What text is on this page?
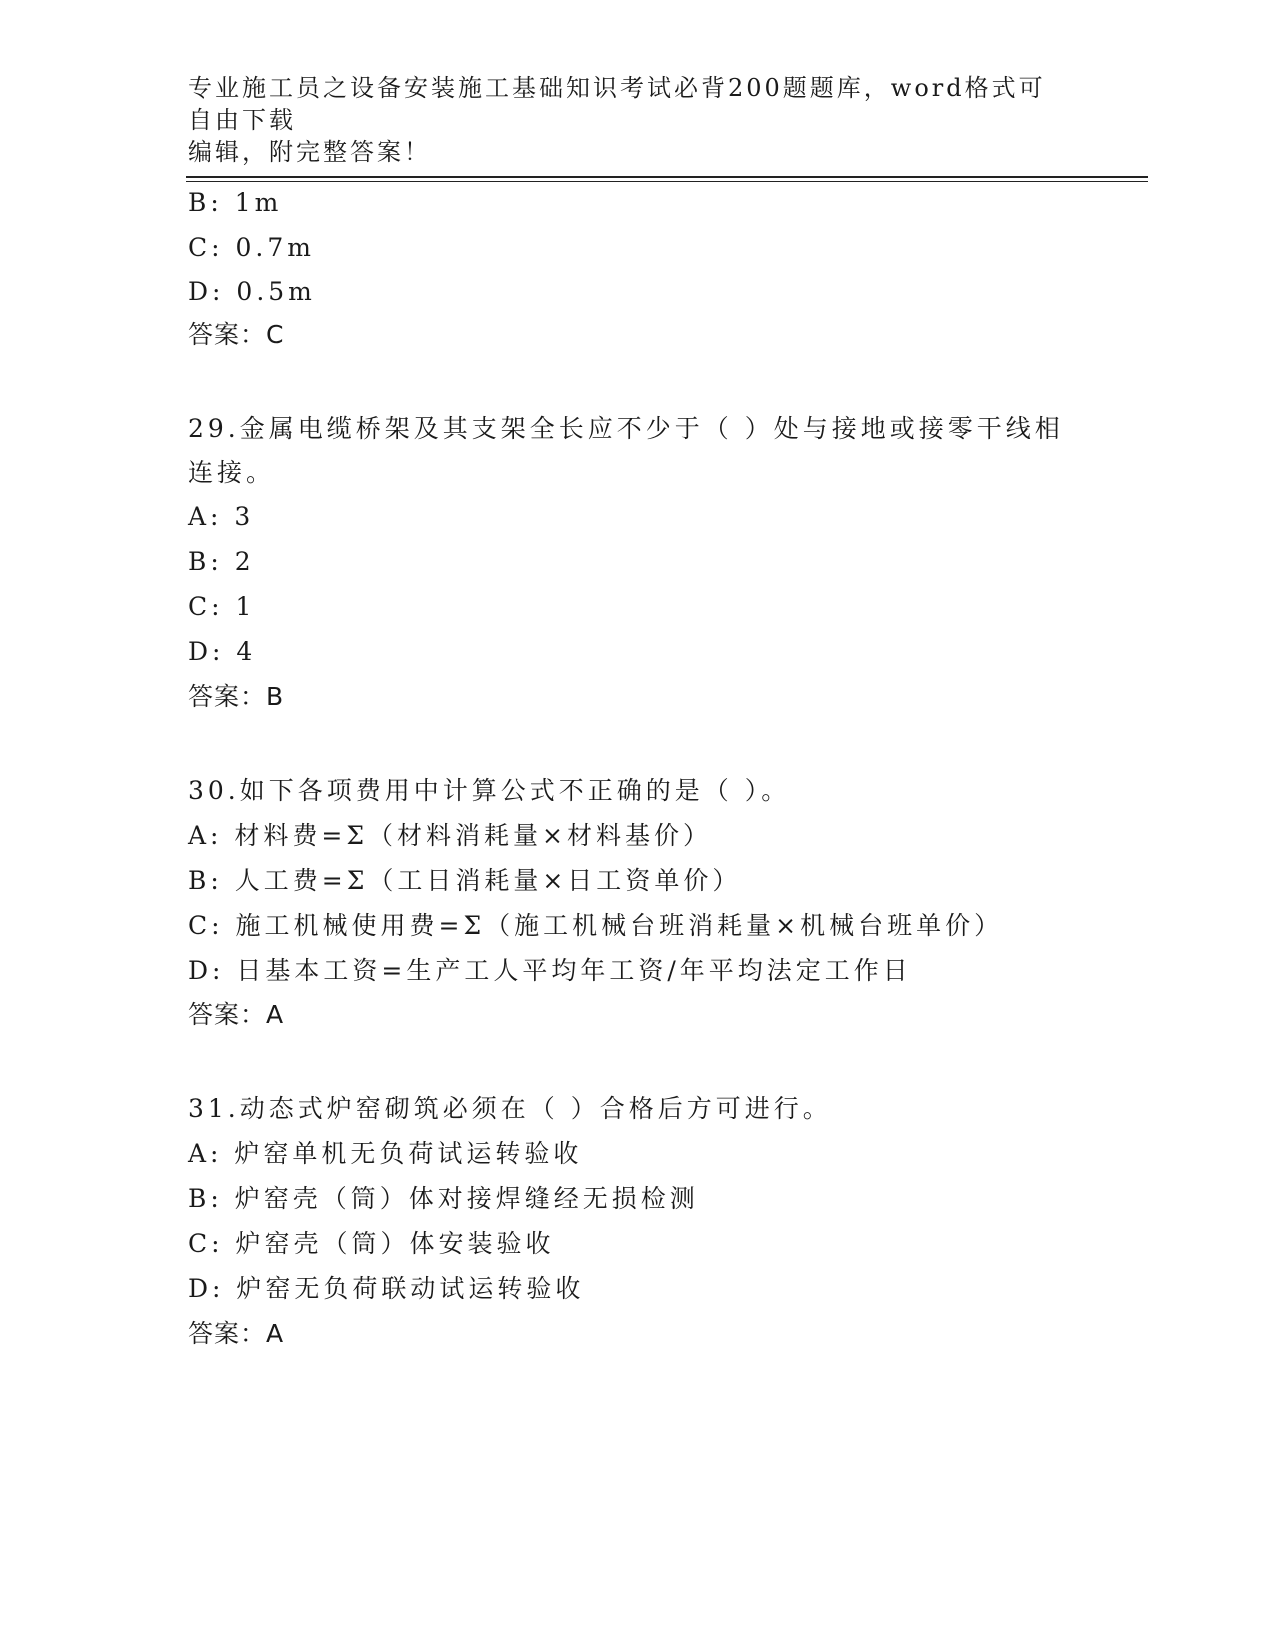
专业施工员之设备安装施工基础知识考试必背200题题库，word格式可自由下载
编辑，附完整答案！
B: 1m
C: 0.7m
D: 0.5m
答案：C
29.金属电缆桥架及其支架全长应不少于（ ）处与接地或接零干线相
连接。
A: 3
B: 2
C: 1
D: 4
答案：B
30.如下各项费用中计算公式不正确的是（ ）。
A: 材料费=Σ（材料消耗量×材料基价）
B: 人工费=Σ（工日消耗量×日工资单价）
C: 施工机械使用费=Σ（施工机械台班消耗量×机械台班单价）
D: 日基本工资=生产工人平均年工资/年平均法定工作日
答案：A
31.动态式炉窑砌筑必须在（ ）合格后方可进行。
A: 炉窑单机无负荷试运转验收
B: 炉窑壳（筒）体对接焊缝经无损检测
C: 炉窑壳（筒）体安装验收
D: 炉窑无负荷联动试运转验收
答案：A
